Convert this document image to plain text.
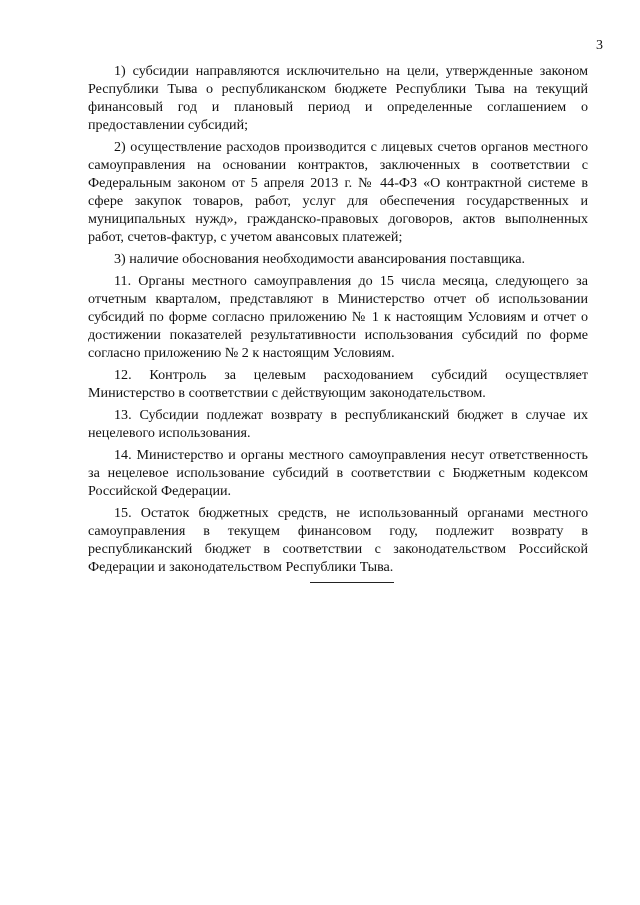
3

1) субсидии направляются исключительно на цели, утвержденные законом Республики Тыва о республиканском бюджете Республики Тыва на текущий финансовый год и плановый период и определенные соглашением о предоставлении субсидий;

2) осуществление расходов производится с лицевых счетов органов местного самоуправления на основании контрактов, заключенных в соответствии с Федеральным законом от 5 апреля 2013 г. № 44-ФЗ «О контрактной системе в сфере закупок товаров, работ, услуг для обеспечения государственных и муниципальных нужд», гражданско-правовых договоров, актов выполненных работ, счетов-фактур, с учетом авансовых платежей;

3) наличие обоснования необходимости авансирования поставщика.

11. Органы местного самоуправления до 15 числа месяца, следующего за отчетным кварталом, представляют в Министерство отчет об использовании субсидий по форме согласно приложению № 1 к настоящим Условиям и отчет о достижении показателей результативности использования субсидий по форме согласно приложению № 2 к настоящим Условиям.

12. Контроль за целевым расходованием субсидий осуществляет Министерство в соответствии с действующим законодательством.

13. Субсидии подлежат возврату в республиканский бюджет в случае их нецелевого использования.

14. Министерство и органы местного самоуправления несут ответственность за нецелевое использование субсидий в соответствии с Бюджетным кодексом Российской Федерации.

15. Остаток бюджетных средств, не использованный органами местного самоуправления в текущем финансовом году, подлежит возврату в республиканский бюджет в соответствии с законодательством Российской Федерации и законодательством Республики Тыва.
